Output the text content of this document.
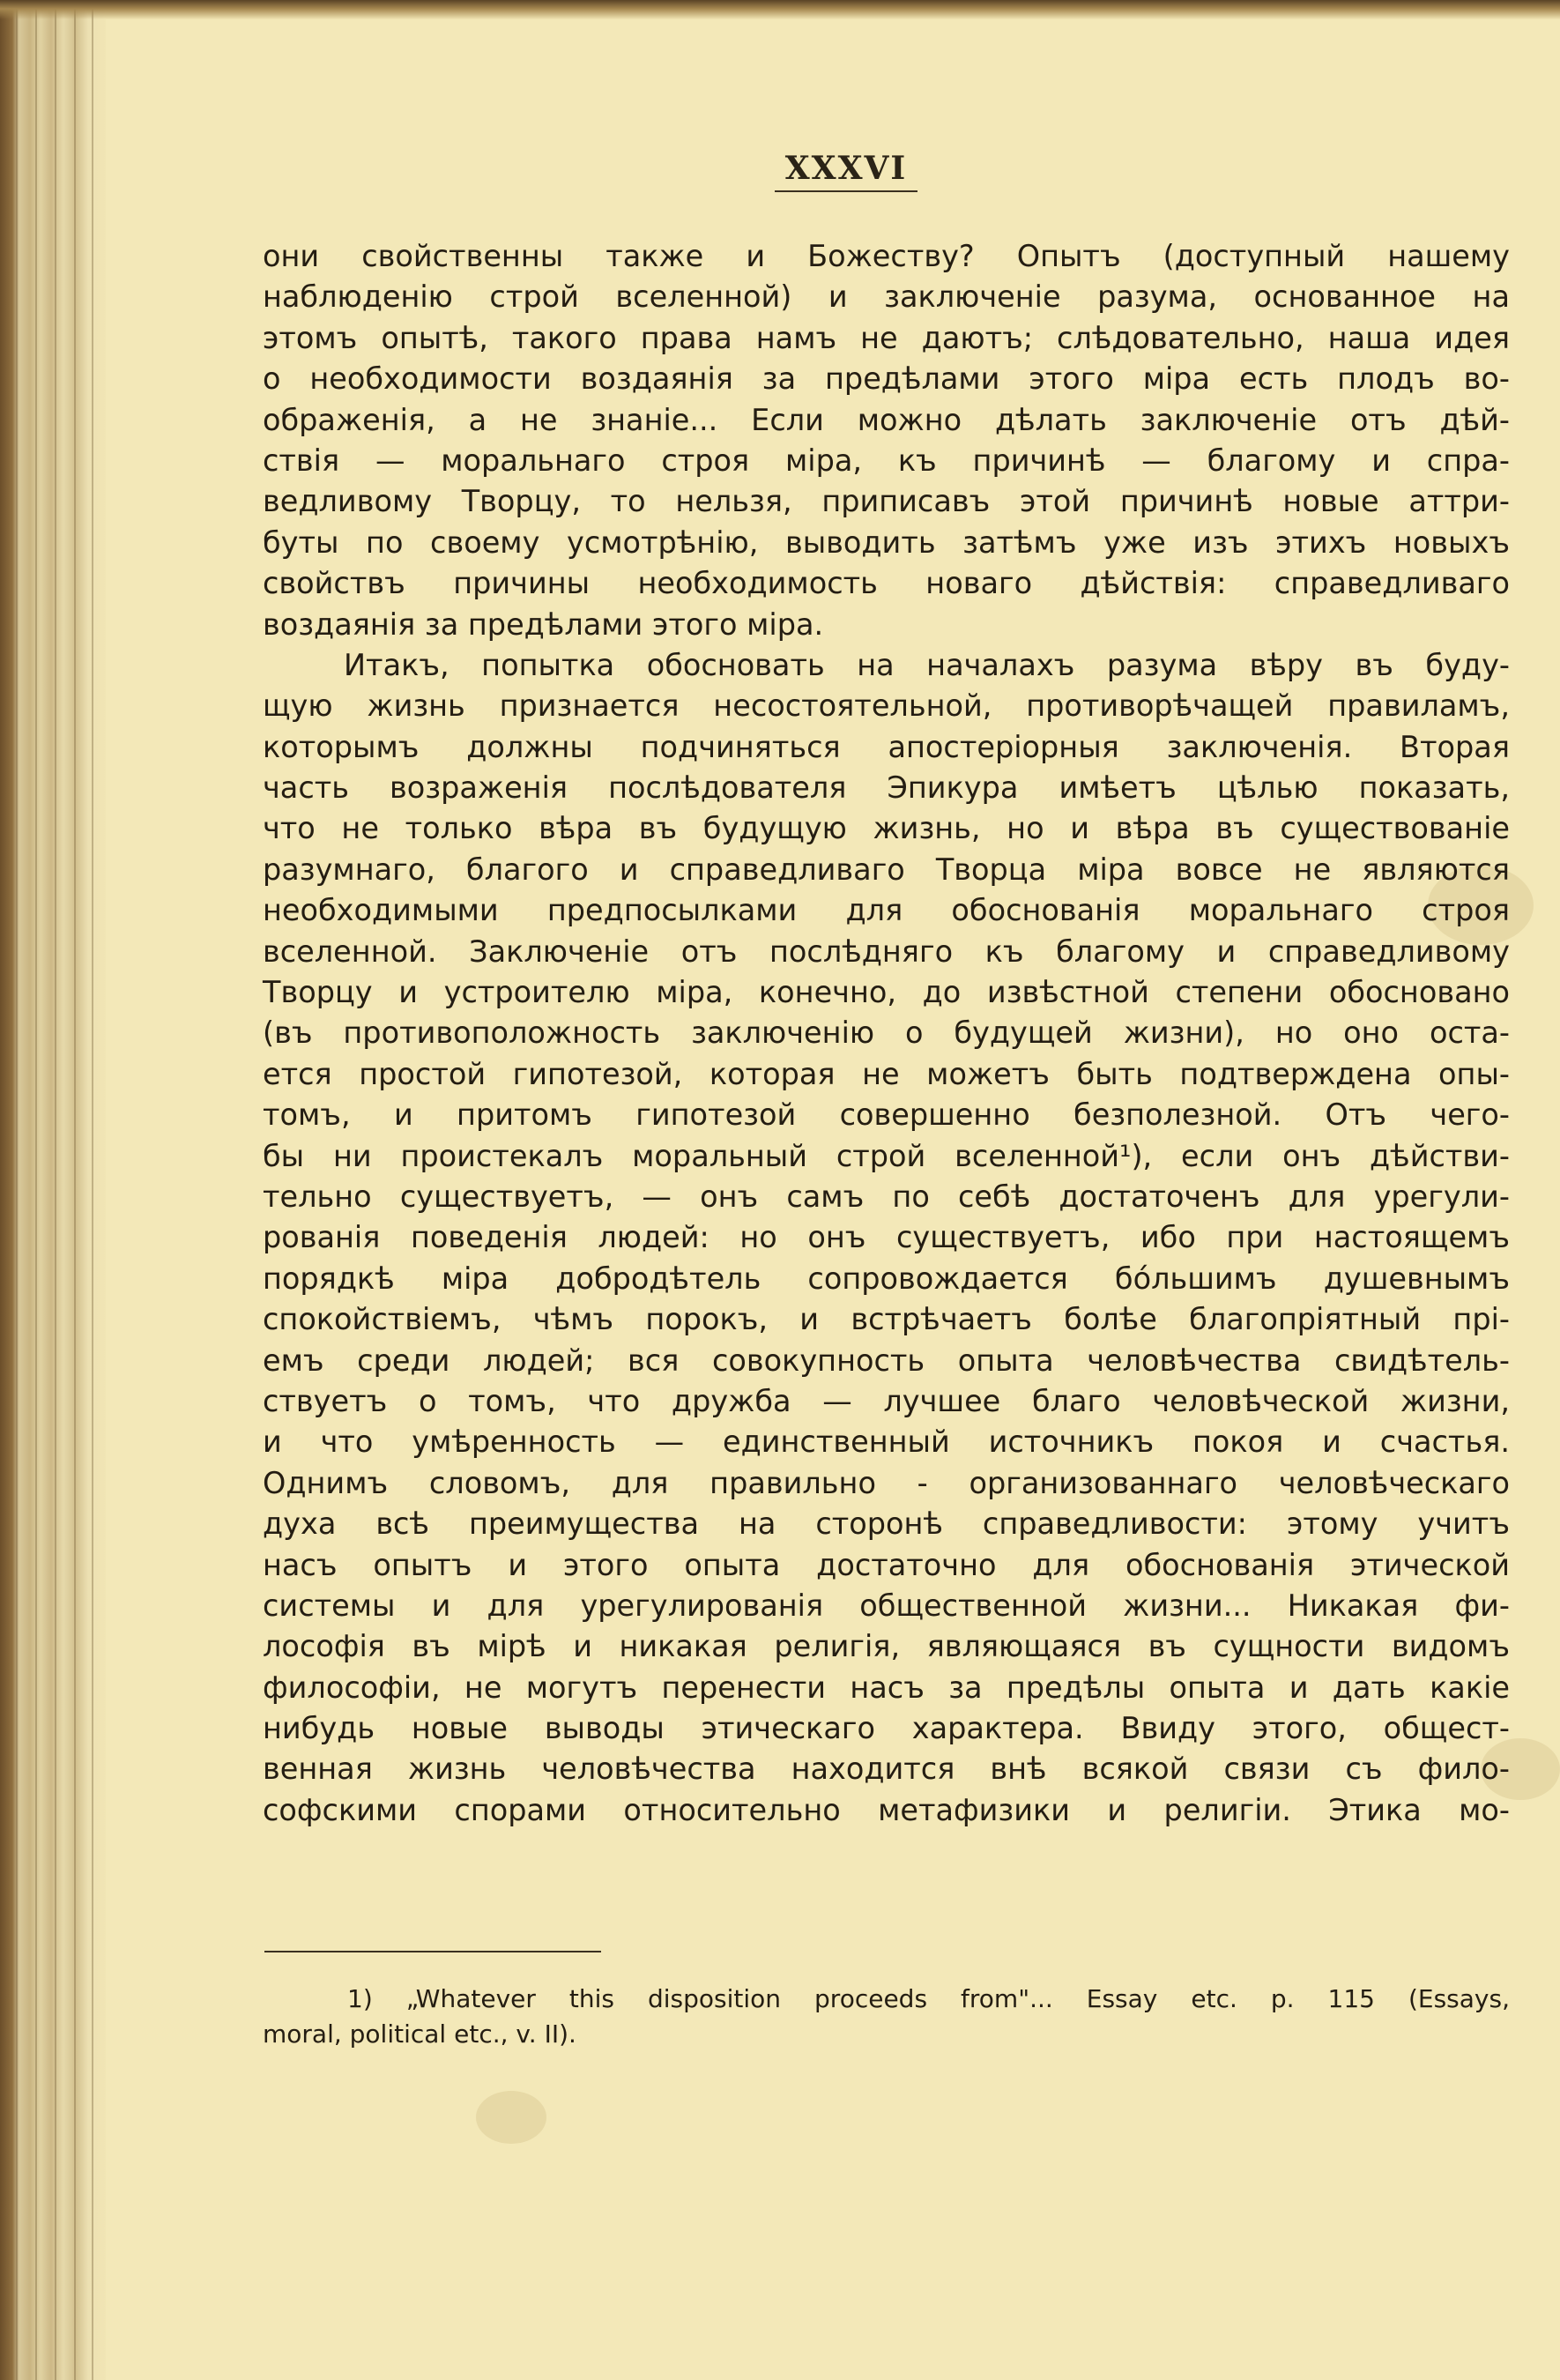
XXXVI
они свойственны также и Божеству? Опытъ (доступный нашему
наблюденію строй вселенной) и заключеніе разума, основанное на
этомъ опытѣ, такого права намъ не даютъ; слѣдовательно, наша идея
о необходимости воздаянія за предѣлами этого міра есть плодъ во-
ображенія, а не знаніе... Если можно дѣлать заключеніе отъ дѣй-
ствія — моральнаго строя міра, къ причинѣ — благому и спра-
ведливому Творцу, то нельзя, приписавъ этой причинѣ новые аттри-
буты по своему усмотрѣнію, выводить затѣмъ уже изъ этихъ новыхъ
свойствъ причины необходимость новаго дѣйствія: справедливаго
воздаянія за предѣлами этого міра.
Итакъ, попытка обосновать на началахъ разума вѣру въ буду-
щую жизнь признается несостоятельной, противорѣчащей правиламъ,
которымъ должны подчиняться апостеріорныя заключенія. Вторая
часть возраженія послѣдователя Эпикура имѣетъ цѣлью показать,
что не только вѣра въ будущую жизнь, но и вѣра въ существованіе
разумнаго, благого и справедливаго Творца міра вовсе не являются
необходимыми предпосылками для обоснованія моральнаго строя
вселенной. Заключеніе отъ послѣдняго къ благому и справедливому
Творцу и устроителю міра, конечно, до извѣстной степени обосновано
(въ противоположность заключенію о будущей жизни), но оно оста-
ется простой гипотезой, которая не можетъ быть подтверждена опы-
томъ, и притомъ гипотезой совершенно безполезной. Отъ чего-
бы ни проистекалъ моральный строй вселенной¹), если онъ дѣйстви-
тельно существуетъ, — онъ самъ по себѣ достаточенъ для урегули-
рованія поведенія людей: но онъ существуетъ, ибо при настоящемъ
порядкѣ міра добродѣтель сопровождается бо́льшимъ душевнымъ
спокойствіемъ, чѣмъ порокъ, и встрѣчаетъ болѣе благопріятный прі-
емъ среди людей; вся совокупность опыта человѣчества свидѣтель-
ствуетъ о томъ, что дружба — лучшее благо человѣческой жизни,
и что умѣренность — единственный источникъ покоя и счастья.
Однимъ словомъ, для правильно - организованнаго человѣческаго
духа всѣ преимущества на сторонѣ справедливости: этому учитъ
насъ опытъ и этого опыта достаточно для обоснованія этической
системы и для урегулированія общественной жизни... Никакая фи-
лософія въ мірѣ и никакая религія, являющаяся въ сущности видомъ
философіи, не могутъ перенести насъ за предѣлы опыта и дать какіе
нибудь новые выводы этическаго характера. Ввиду этого, общест-
венная жизнь человѣчества находится внѣ всякой связи съ фило-
софскими спорами относительно метафизики и религіи. Этика мо-
1) „Whatever this disposition proceeds from"... Essay etc. p. 115 (Essays,
moral, political etc., v. II).
